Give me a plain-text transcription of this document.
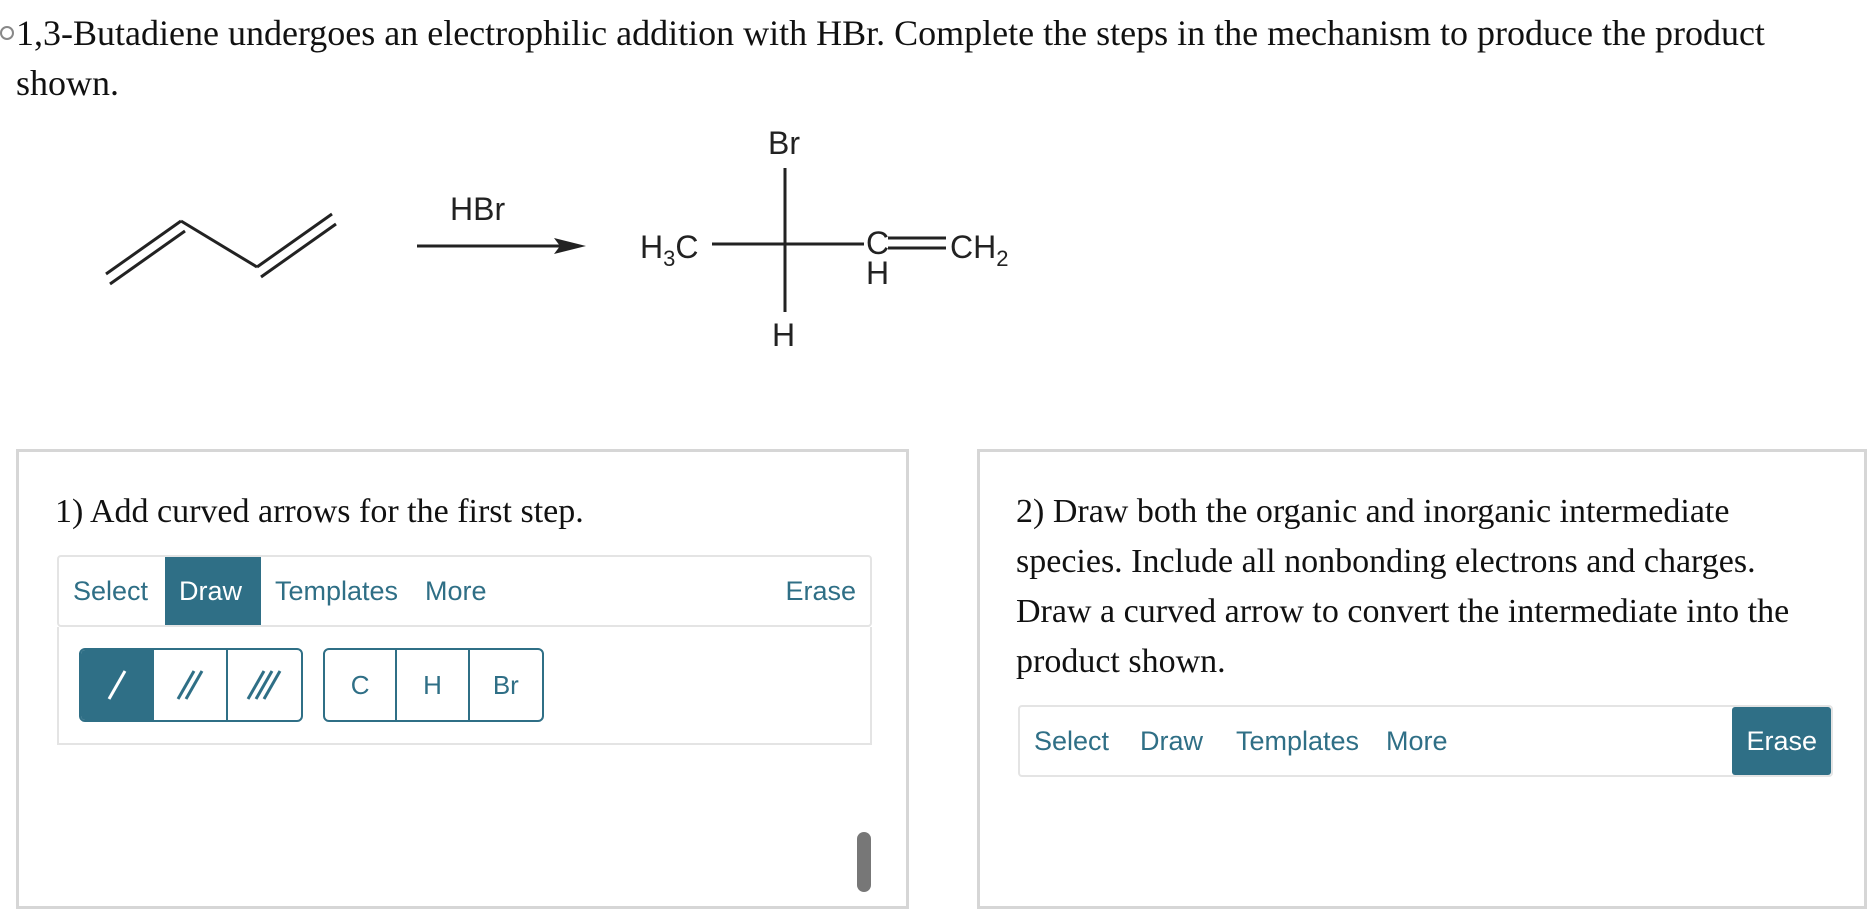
1,3-Butadiene undergoes an electrophilic addition with HBr. Complete the steps in the mechanism to produce the product shown.
HBr
Br
$H_3C$
H
C
H
$CH_2$
1) Add curved arrows for the first step.
Select	Draw	Templates More	Erase
C	H	Br
2) Draw both the organic and inorganic intermediate species. Include all nonbonding electrons and charges. Draw a curved arrow to convert the intermediate into the product shown.
Select	Draw	Templates More	Erase
